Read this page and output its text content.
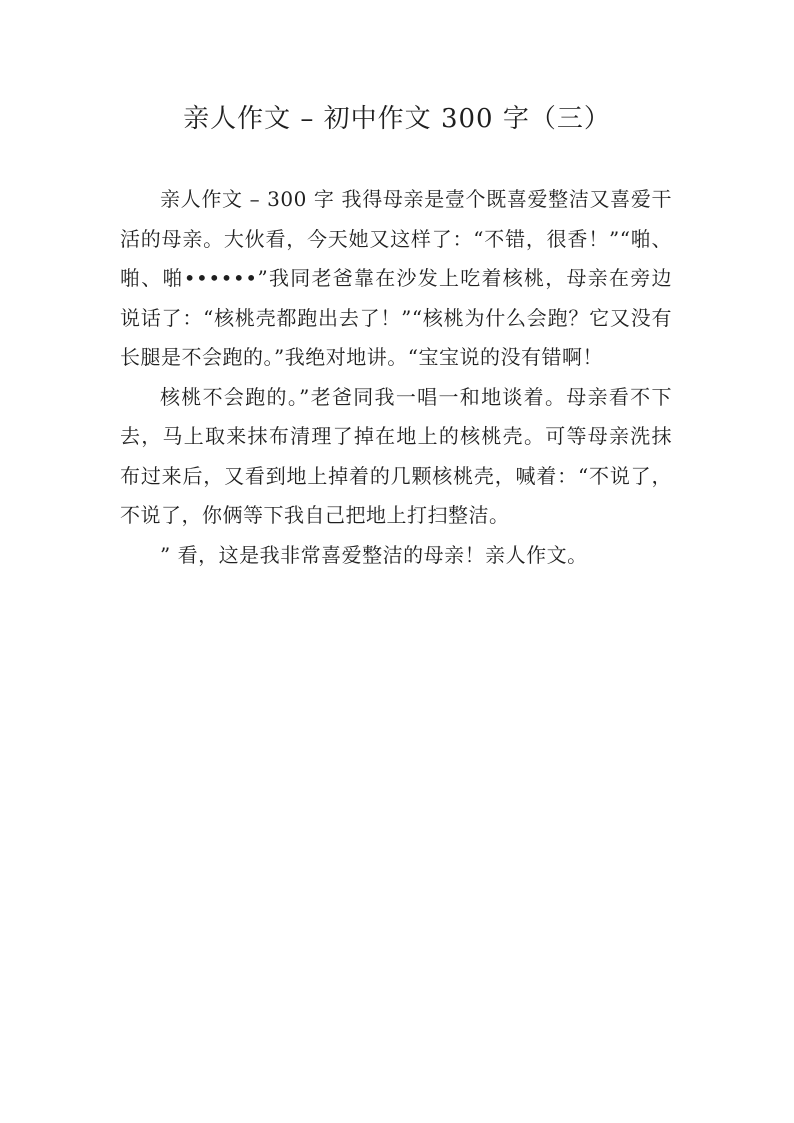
亲人作文 – 初中作文 300 字（三）

亲人作文 – 300 字 我得母亲是壹个既喜爱整洁又喜爱干活的母亲。大伙看，今天她又这样了：“不错，很香！”“啪、啪、啪••••••”我同老爸靠在沙发上吃着核桃，母亲在旁边说话了：“核桃壳都跑出去了！”“核桃为什么会跑？它又没有长腿是不会跑的。”我绝对地讲。“宝宝说的没有错啊！

核桃不会跑的。”老爸同我一唱一和地谈着。母亲看不下去，马上取来抹布清理了掉在地上的核桃壳。可等母亲洗抹布过来后，又看到地上掉着的几颗核桃壳，喊着：“不说了，不说了，你俩等下我自己把地上打扫整洁。

” 看，这是我非常喜爱整洁的母亲！亲人作文。
